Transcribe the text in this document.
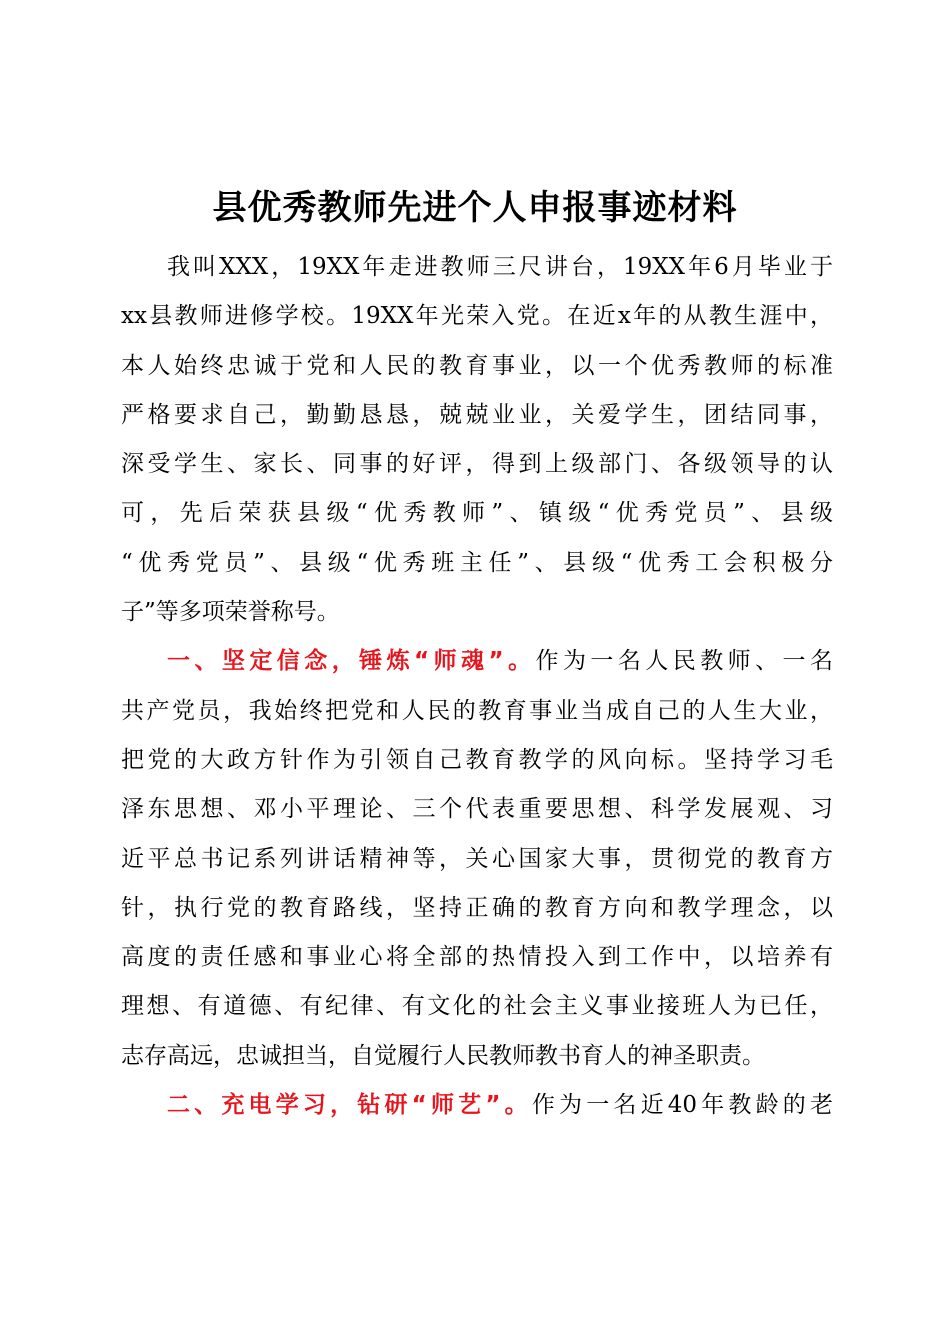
县优秀教师先进个人申报事迹材料
我叫XXX，19XX年走进教师三尺讲台，19XX年6月毕业于
xx县教师进修学校。19XX年光荣入党。在近x年的从教生涯中，
本人始终忠诚于党和人民的教育事业，以一个优秀教师的标准
严格要求自己，勤勤恳恳，兢兢业业，关爱学生，团结同事，
深受学生、家长、同事的好评，得到上级部门、各级领导的认
可，先后荣获县级“优秀教师”、镇级“优秀党员”、县级
“优秀党员”、县级“优秀班主任”、县级“优秀工会积极分
子”等多项荣誉称号。
一、坚定信念，锤炼“师魂”。作为一名人民教师、一名
共产党员，我始终把党和人民的教育事业当成自己的人生大业，
把党的大政方针作为引领自己教育教学的风向标。坚持学习毛
泽东思想、邓小平理论、三个代表重要思想、科学发展观、习
近平总书记系列讲话精神等，关心国家大事，贯彻党的教育方
针，执行党的教育路线，坚持正确的教育方向和教学理念，以
高度的责任感和事业心将全部的热情投入到工作中，以培养有
理想、有道德、有纪律、有文化的社会主义事业接班人为已任，
志存高远，忠诚担当，自觉履行人民教师教书育人的神圣职责。
二、充电学习，钻研“师艺”。作为一名近40年教龄的老
